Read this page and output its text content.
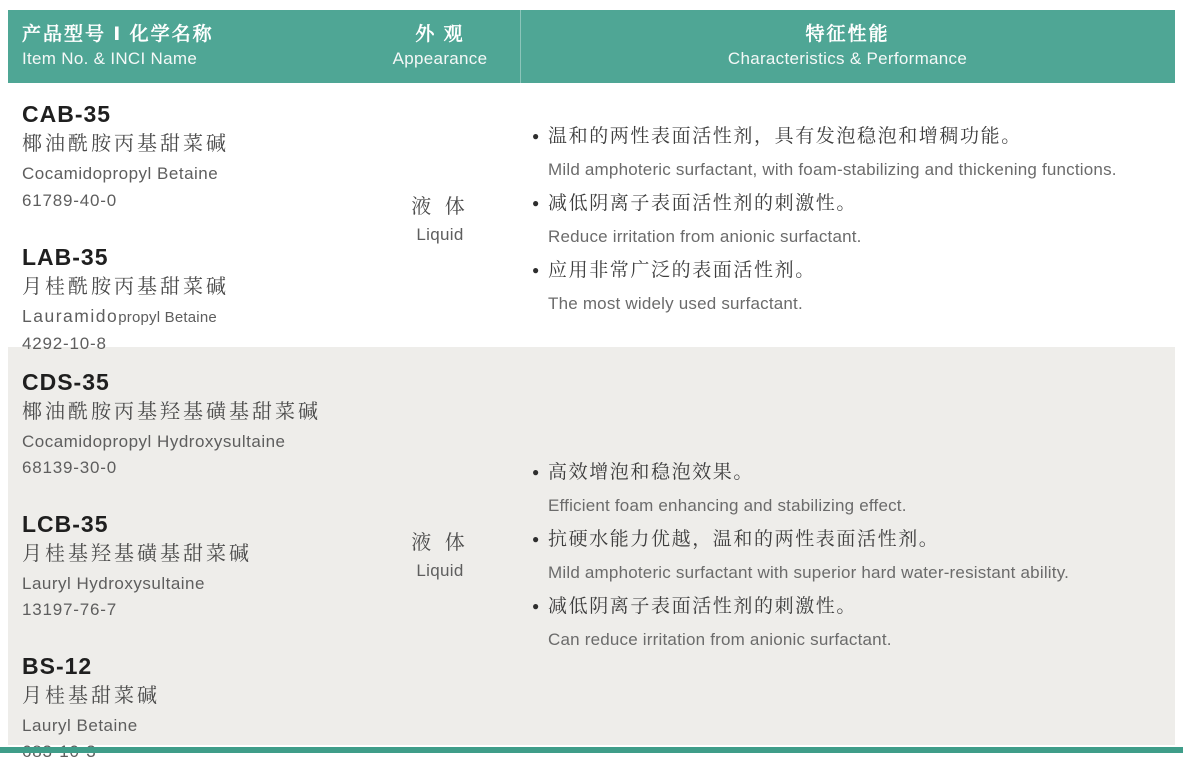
产品型号 Ⅰ 化学名称
Item No. & INCI Name
外 观
Appearance
特征性能
Characteristics & Performance
CAB-35
椰油酰胺丙基甜菜碱
Cocamidopropyl Betaine
61789-40-0
LAB-35
月桂酰胺丙基甜菜碱
Lauramidopropyl Betaine
4292-10-8
液 体
Liquid
● 温和的两性表面活性剂，具有发泡稳泡和增稠功能。
Mild amphoteric surfactant, with foam-stabilizing and thickening functions.
● 减低阴离子表面活性剂的刺激性。
Reduce irritation from anionic surfactant.
● 应用非常广泛的表面活性剂。
The most widely used surfactant.
CDS-35
椰油酰胺丙基羟基磺基甜菜碱
Cocamidopropyl Hydroxysultaine
68139-30-0
LCB-35
月桂基羟基磺基甜菜碱
Lauryl Hydroxysultaine
13197-76-7
BS-12
月桂基甜菜碱
Lauryl Betaine
液 体
Liquid
● 高效增泡和稳泡效果。
Efficient foam enhancing and stabilizing effect.
● 抗硬水能力优越，温和的两性表面活性剂。
Mild amphoteric surfactant with superior hard water-resistant ability.
● 减低阴离子表面活性剂的刺激性。
Can reduce irritation from anionic surfactant.
